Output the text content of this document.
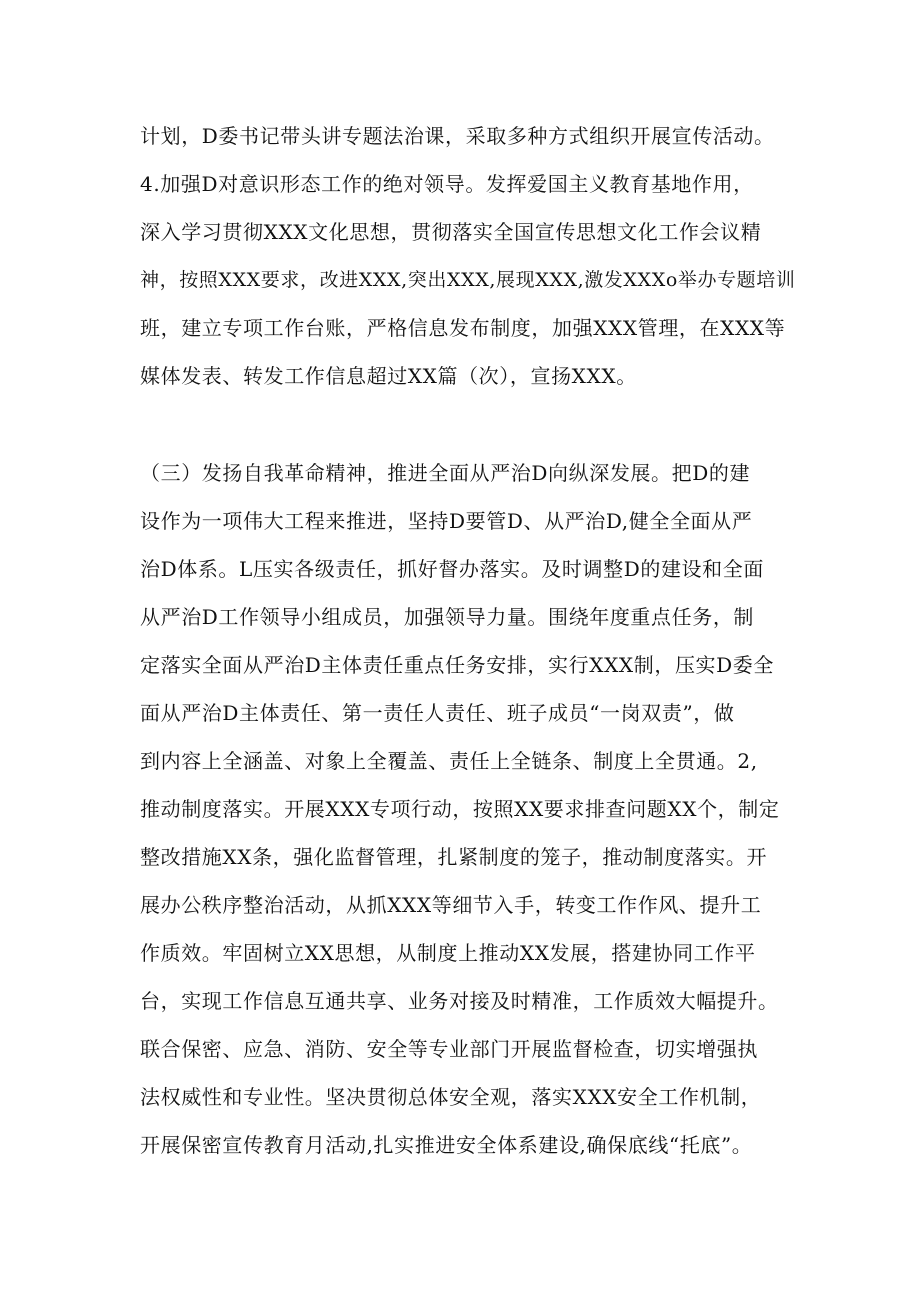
计划，D委书记带头讲专题法治课，采取多种方式组织开展宣传活动。
4.加强D对意识形态工作的绝对领导。发挥爱国主义教育基地作用，
深入学习贯彻XXX文化思想，贯彻落实全国宣传思想文化工作会议精
神，按照XXX要求，改进XXX,突出XXX,展现XXX,激发XXXo举办专题培训
班，建立专项工作台账，严格信息发布制度，加强XXX管理，在XXX等
媒体发表、转发工作信息超过XX篇（次），宣扬XXX。
（三）发扬自我革命精神，推进全面从严治D向纵深发展。把D的建
设作为一项伟大工程来推进，坚持D要管D、从严治D,健全全面从严
治D体系。L压实各级责任，抓好督办落实。及时调整D的建设和全面
从严治D工作领导小组成员，加强领导力量。围绕年度重点任务，制
定落实全面从严治D主体责任重点任务安排，实行XXX制，压实D委全
面从严治D主体责任、第一责任人责任、班子成员“一岗双责”，做
到内容上全涵盖、对象上全覆盖、责任上全链条、制度上全贯通。2,
推动制度落实。开展XXX专项行动，按照XX要求排查问题XX个，制定
整改措施XX条，强化监督管理，扎紧制度的笼子，推动制度落实。开
展办公秩序整治活动，从抓XXX等细节入手，转变工作作风、提升工
作质效。牢固树立XX思想，从制度上推动XX发展，搭建协同工作平
台，实现工作信息互通共享、业务对接及时精准，工作质效大幅提升。
联合保密、应急、消防、安全等专业部门开展监督检查，切实增强执
法权威性和专业性。坚决贯彻总体安全观，落实XXX安全工作机制，
开展保密宣传教育月活动,扎实推进安全体系建设,确保底线“托底”。
